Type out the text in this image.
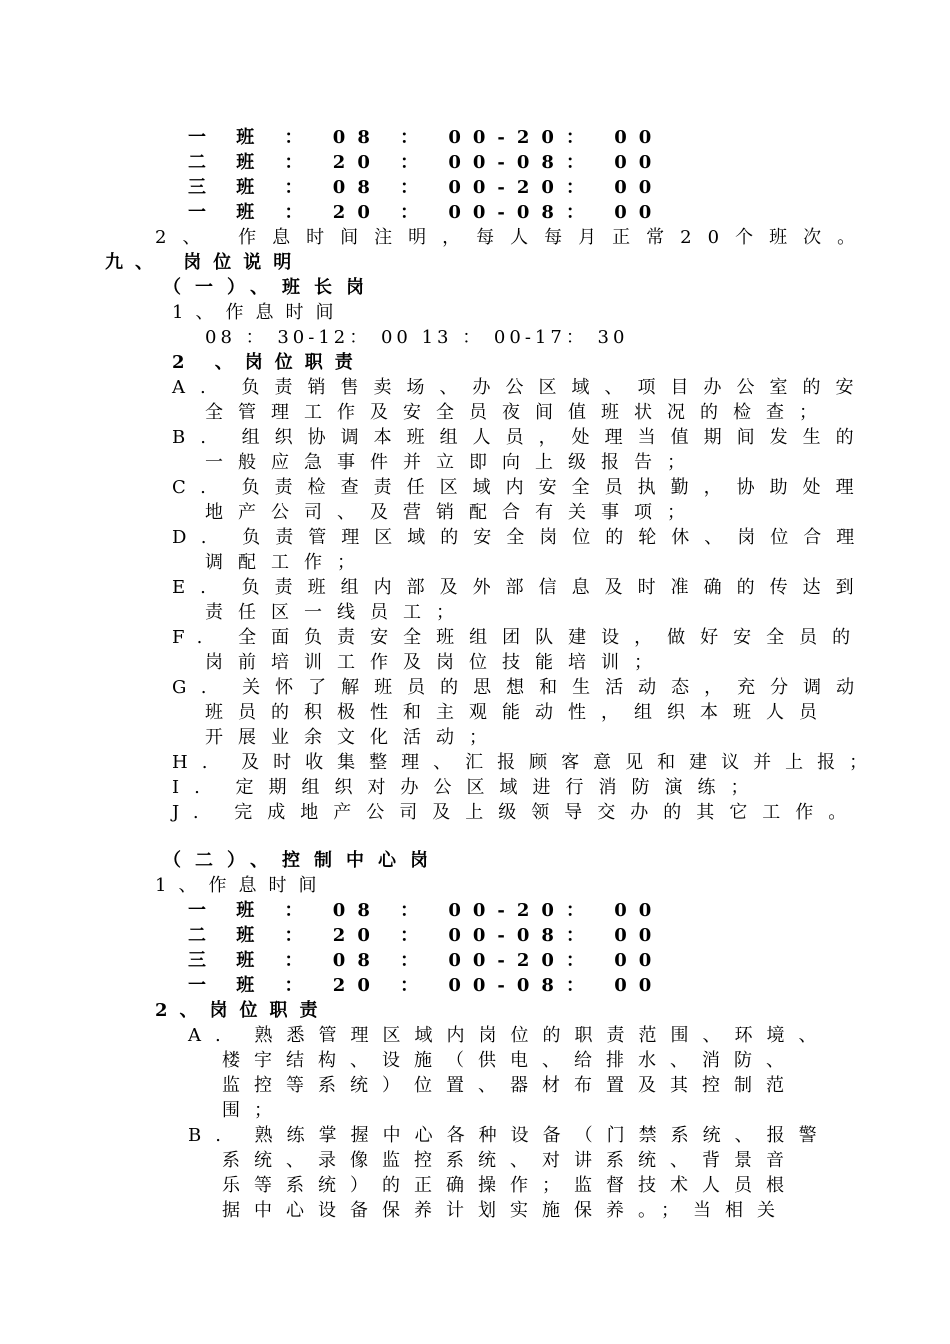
一 班 ： 08 ： 00-20： 00
二 班 ： 20 ： 00-08： 00
三 班 ： 08 ： 00-20： 00
一 班 ： 20 ： 00-08： 00
2、 作息时间注明，每人每月正常20个班次。
九、 岗位说明
（一）、班长岗
1、作息时间
08 ： 30-12： 00 13 ： 00-17： 30
2 、岗位职责
A. 负责销售卖场、办公区域、项目办公室的安
全管理工作及安全员夜间值班状况的检查；
B. 组织协调本班组人员，处理当值期间发生的
一般应急事件并立即向上级报告；
C. 负责检查责任区域内安全员执勤，协助处理
地产公司、及营销配合有关事项；
D. 负责管理区域的安全岗位的轮休、岗位合理
调配工作；
E. 负责班组内部及外部信息及时准确的传达到
责任区一线员工；
F. 全面负责安全班组团队建设，做好安全员的
岗前培训工作及岗位技能培训；
G. 关怀了解班员的思想和生活动态，充分调动
班员的积极性和主观能动性，组织本班人员
开展业余文化活动；
H. 及时收集整理、汇报顾客意见和建议并上报；
I. 定期组织对办公区域进行消防演练；
J. 完成地产公司及上级领导交办的其它工作。
（二）、控制中心岗
1、作息时间
一 班 ： 08 ： 00-20： 00
二 班 ： 20 ： 00-08： 00
三 班 ： 08 ： 00-20： 00
一 班 ： 20 ： 00-08： 00
2、岗位职责
A. 熟悉管理区域内岗位的职责范围、环境、
楼宇结构、设施（供电、给排水、消防、
监控等系统）位置、器材布置及其控制范
围；
B. 熟练掌握中心各种设备（门禁系统、报警
系统、录像监控系统、对讲系统、背景音
乐等系统）的正确操作；监督技术人员根
据中心设备保养计划实施保养。；当相关
